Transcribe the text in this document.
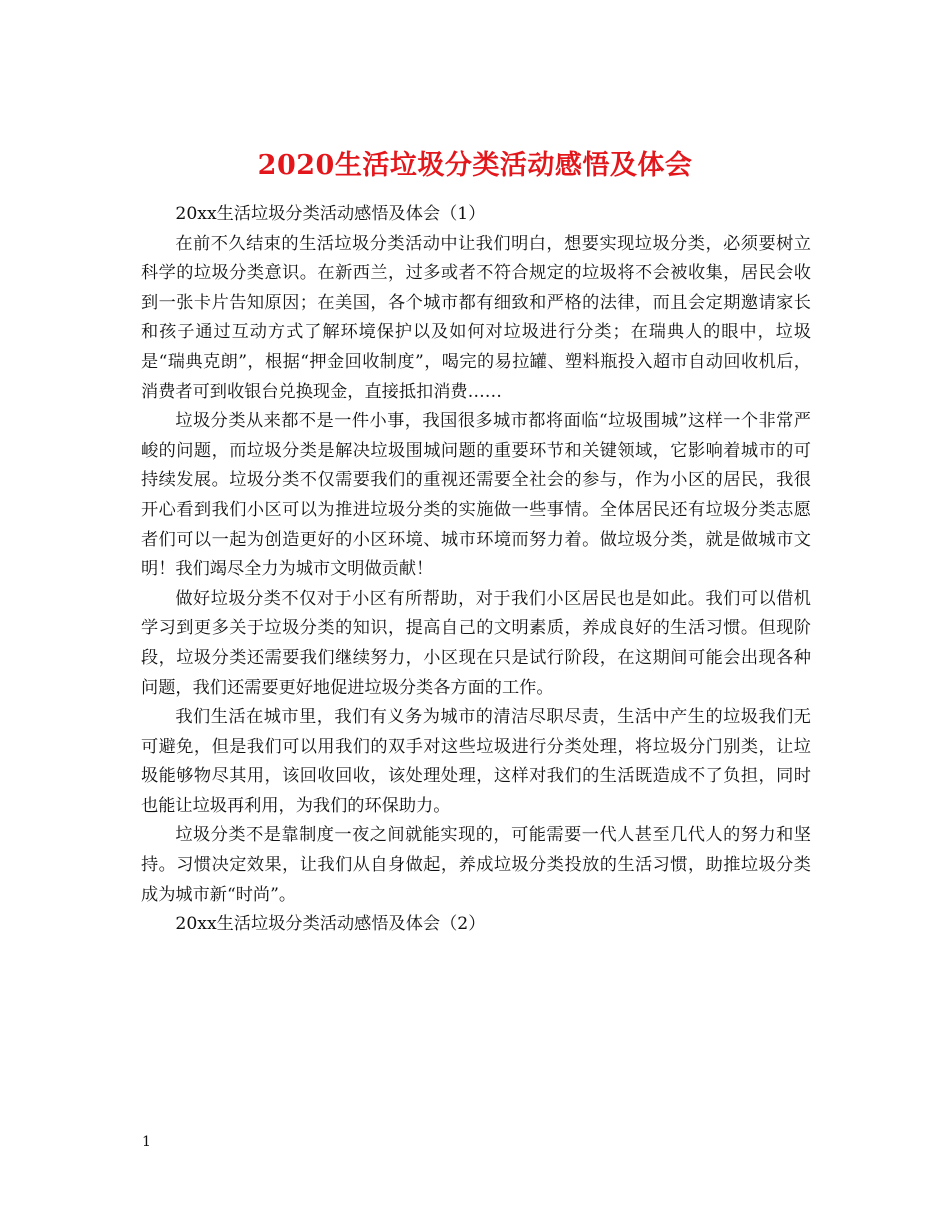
2020生活垃圾分类活动感悟及体会

20xx生活垃圾分类活动感悟及体会（1）

在前不久结束的生活垃圾分类活动中让我们明白，想要实现垃圾分类，必须要树立科学的垃圾分类意识。在新西兰，过多或者不符合规定的垃圾将不会被收集，居民会收到一张卡片告知原因；在美国，各个城市都有细致和严格的法律，而且会定期邀请家长和孩子通过互动方式了解环境保护以及如何对垃圾进行分类；在瑞典人的眼中，垃圾是“瑞典克朗”，根据“押金回收制度”，喝完的易拉罐、塑料瓶投入超市自动回收机后，消费者可到收银台兑换现金，直接抵扣消费……

垃圾分类从来都不是一件小事，我国很多城市都将面临“垃圾围城”这样一个非常严峻的问题，而垃圾分类是解决垃圾围城问题的重要环节和关键领域，它影响着城市的可持续发展。垃圾分类不仅需要我们的重视还需要全社会的参与，作为小区的居民，我很开心看到我们小区可以为推进垃圾分类的实施做一些事情。全体居民还有垃圾分类志愿者们可以一起为创造更好的小区环境、城市环境而努力着。做垃圾分类，就是做城市文明！我们竭尽全力为城市文明做贡献！

做好垃圾分类不仅对于小区有所帮助，对于我们小区居民也是如此。我们可以借机学习到更多关于垃圾分类的知识，提高自己的文明素质，养成良好的生活习惯。但现阶段，垃圾分类还需要我们继续努力，小区现在只是试行阶段，在这期间可能会出现各种问题，我们还需要更好地促进垃圾分类各方面的工作。

我们生活在城市里，我们有义务为城市的清洁尽职尽责，生活中产生的垃圾我们无可避免，但是我们可以用我们的双手对这些垃圾进行分类处理，将垃圾分门别类，让垃圾能够物尽其用，该回收回收，该处理处理，这样对我们的生活既造成不了负担，同时也能让垃圾再利用，为我们的环保助力。

垃圾分类不是靠制度一夜之间就能实现的，可能需要一代人甚至几代人的努力和坚持。习惯决定效果，让我们从自身做起，养成垃圾分类投放的生活习惯，助推垃圾分类成为城市新“时尚”。

20xx生活垃圾分类活动感悟及体会（2）

1
